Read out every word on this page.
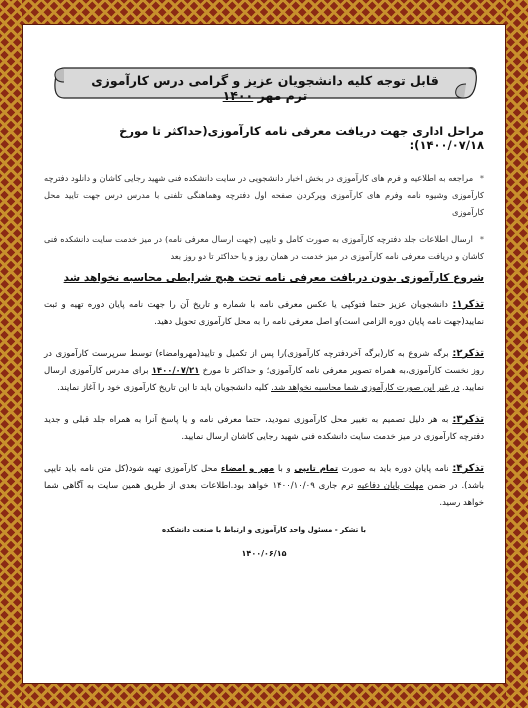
قابل توجه کلیه دانشجویان عزیز و گرامی درس کارآموزی ترم مهر ۱۴۰۰
مراحل اداری جهت دریافت معرفی نامه کارآموزی(حداکثر تا مورخ ۱۴۰۰/۰۷/۱۸):

* مراجعه به اطلاعیه و فرم های کارآموزی در بخش اخبار دانشجویی در سایت دانشکده فنی شهید رجایی کاشان و دانلود دفترچه کارآموزی وشیوه نامه وفرم های کارآموزی وپرکردن صفحه اول دفترچه وهماهنگی تلفنی با مدرس درس جهت تایید محل کارآموزی

* ارسال اطلاعات جلد دفترچه کارآموزی به صورت کامل و تایپی (جهت ارسال معرفی نامه) در میز خدمت سایت دانشکده فنی کاشان و دریافت معرفی نامه کارآموزی در میز خدمت در همان روز و یا حداکثر تا دو روز بعد

شروع کارآموزی بدون دریافت معرفی نامه تحت هیچ شرایطی محاسبه نخواهد شد

تذکر۱: دانشجویان عزیز حتما فتوکپی یا عکس معرفی نامه با شماره و تاریخ آن را جهت نامه پایان دوره تهیه و ثبت نمایید(جهت نامه پایان دوره الزامی است)و اصل معرفی نامه را به محل کارآموزی تحویل دهید.

تذکر۲: برگه شروع به کار(برگه آخردفترچه کارآموزی)را پس از تکمیل و تایید(مهروامضاء) توسط سرپرست کارآموزی در روز نخست کارآموزی،به همراه تصویر معرفی نامه کارآموزی؛ و حداکثر تا مورخ ۱۴۰۰/۰۷/۲۱ برای مدرس کارآموزی ارسال نمایید. در غیر این صورت کارآموزی شما محاسبه نخواهد شد. کلیه دانشجویان باید تا این تاریخ کارآموزی خود را آغاز نمایند.

تذکر۳: به هر دلیل تصمیم به تغییر محل کارآموزی نمودید، حتما معرفی نامه و یا پاسخ آنرا به همراه جلد قبلی و جدید دفترچه کارآموزی در میز خدمت سایت دانشکده فنی شهید رجایی کاشان ارسال نمایید.

تذکر۴: نامه پایان دوره باید به صورت تمام تایپی و با مهر و امضاء محل کارآموزی تهیه شود(کل متن نامه باید تایپی باشد). در ضمن مهلت پایان دفاعیه ترم جاری ۱۴۰۰/۱۰/۰۹ خواهد بود.اطلاعات بعدی از طریق همین سایت به آگاهی شما خواهد رسید.

با تشکر - مسئول واحد کارآموزی و ارتباط با صنعت دانشکده
۱۴۰۰/۰۶/۱۵
